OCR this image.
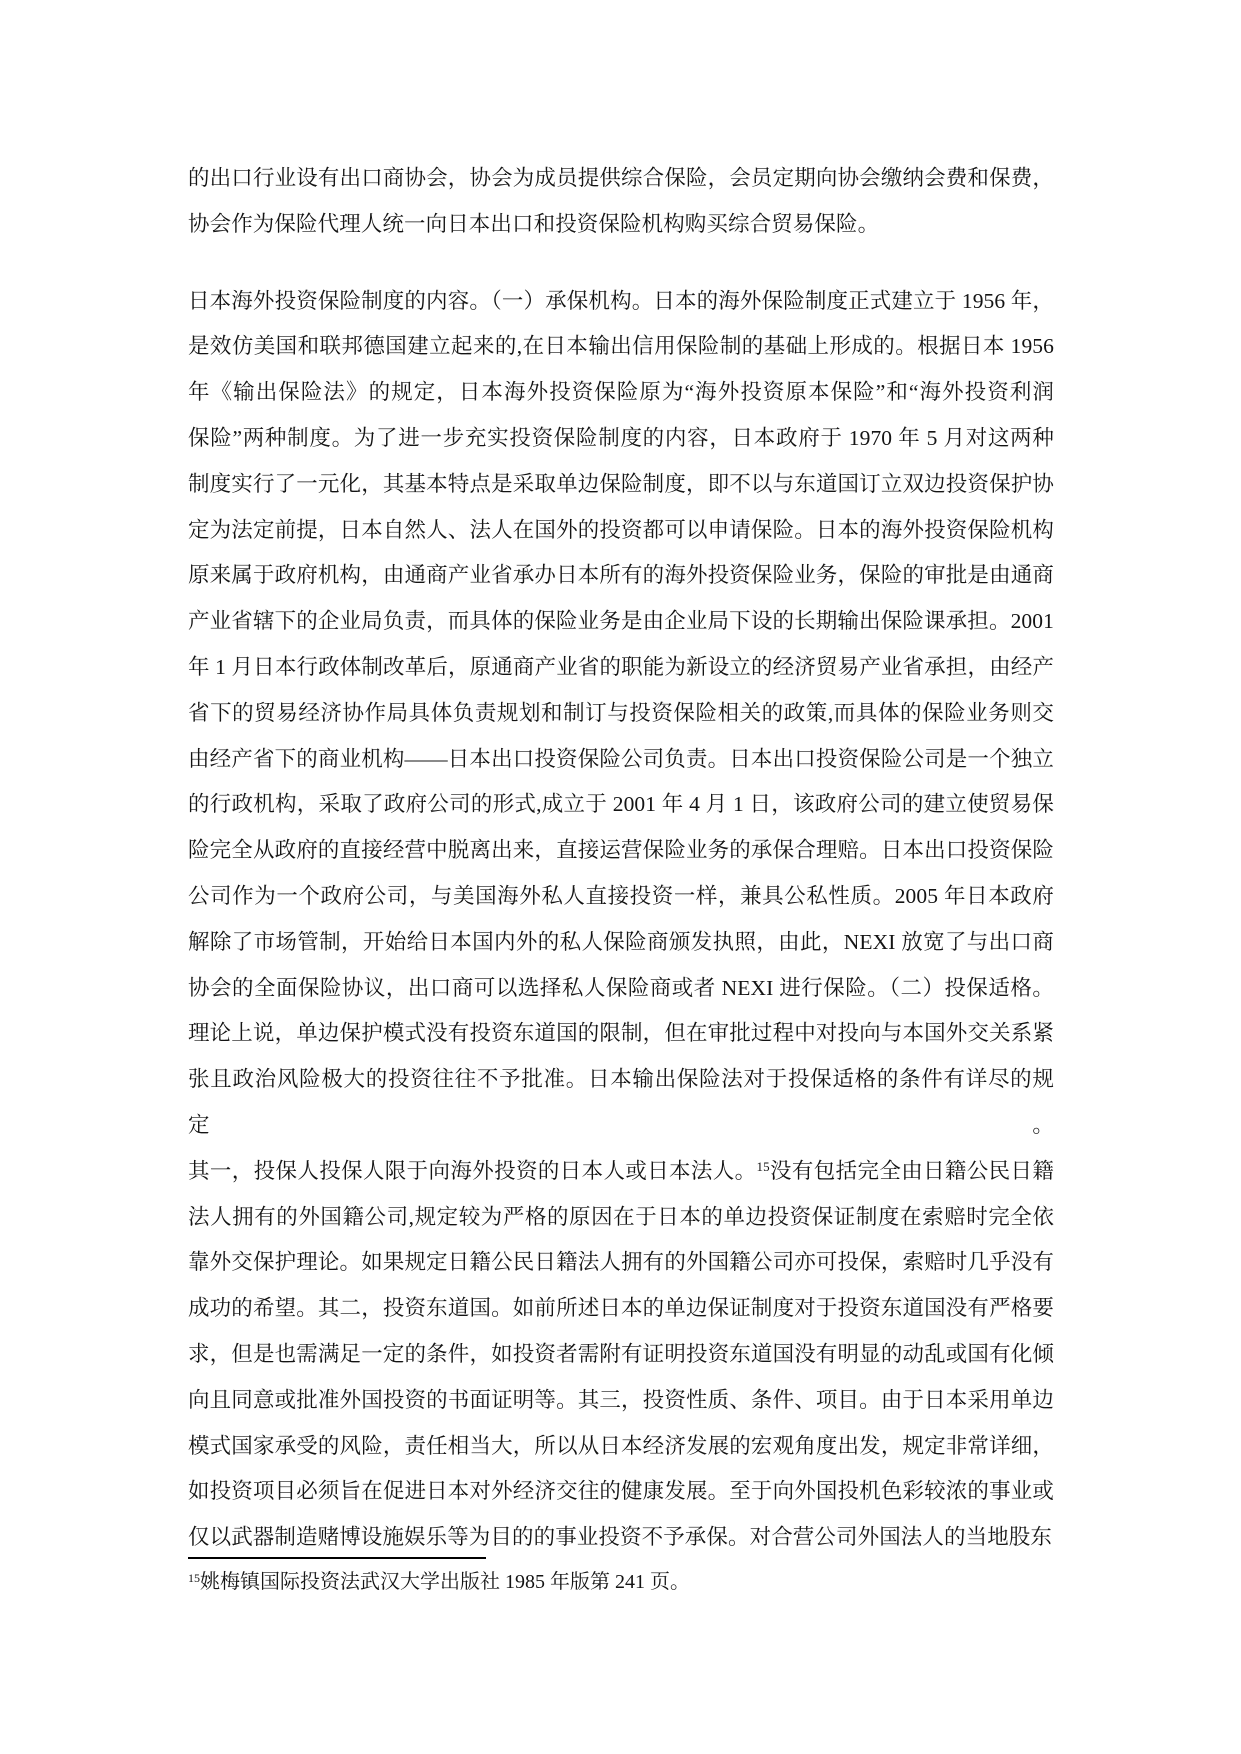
的出口行业设有出口商协会，协会为成员提供综合保险，会员定期向协会缴纳会费和保费，
协会作为保险代理人统一向日本出口和投资保险机构购买综合贸易保险。
日本海外投资保险制度的内容。（一）承保机构。日本的海外保险制度正式建立于 1956 年，
是效仿美国和联邦德国建立起来的,在日本输出信用保险制的基础上形成的。根据日本 1956
年《输出保险法》的规定，日本海外投资保险原为“海外投资原本保险”和“海外投资利润
保险”两种制度。为了进一步充实投资保险制度的内容，日本政府于 1970 年 5 月对这两种
制度实行了一元化，其基本特点是采取单边保险制度，即不以与东道国订立双边投资保护协
定为法定前提，日本自然人、法人在国外的投资都可以申请保险。日本的海外投资保险机构
原来属于政府机构，由通商产业省承办日本所有的海外投资保险业务，保险的审批是由通商
产业省辖下的企业局负责，而具体的保险业务是由企业局下设的长期输出保险课承担。2001
年 1 月日本行政体制改革后，原通商产业省的职能为新设立的经济贸易产业省承担，由经产
省下的贸易经济协作局具体负责规划和制订与投资保险相关的政策,而具体的保险业务则交
由经产省下的商业机构——日本出口投资保险公司负责。日本出口投资保险公司是一个独立
的行政机构，采取了政府公司的形式,成立于 2001 年 4 月 1 日，该政府公司的建立使贸易保
险完全从政府的直接经营中脱离出来，直接运营保险业务的承保合理赔。日本出口投资保险
公司作为一个政府公司，与美国海外私人直接投资一样，兼具公私性质。2005 年日本政府
解除了市场管制，开始给日本国内外的私人保险商颁发执照，由此，NEXI 放宽了与出口商
协会的全面保险协议，出口商可以选择私人保险商或者 NEXI 进行保险。（二）投保适格。
理论上说，单边保护模式没有投资东道国的限制，但在审批过程中对投向与本国外交关系紧
张且政治风险极大的投资往往不予批准。日本输出保险法对于投保适格的条件有详尽的规定。
其一，投保人投保人限于向海外投资的日本人或日本法人。$^{15}$没有包括完全由日籍公民日籍
法人拥有的外国籍公司,规定较为严格的原因在于日本的单边投资保证制度在索赔时完全依
靠外交保护理论。如果规定日籍公民日籍法人拥有的外国籍公司亦可投保，索赔时几乎没有
成功的希望。其二，投资东道国。如前所述日本的单边保证制度对于投资东道国没有严格要
求，但是也需满足一定的条件，如投资者需附有证明投资东道国没有明显的动乱或国有化倾
向且同意或批准外国投资的书面证明等。其三，投资性质、条件、项目。由于日本采用单边
模式国家承受的风险，责任相当大，所以从日本经济发展的宏观角度出发，规定非常详细，
如投资项目必须旨在促进日本对外经济交往的健康发展。至于向外国投机色彩较浓的事业或
仅以武器制造赌博设施娱乐等为目的的事业投资不予承保。对合营公司外国法人的当地股东
$^{15}$姚梅镇国际投资法武汉大学出版社 1985 年版第 241 页。
